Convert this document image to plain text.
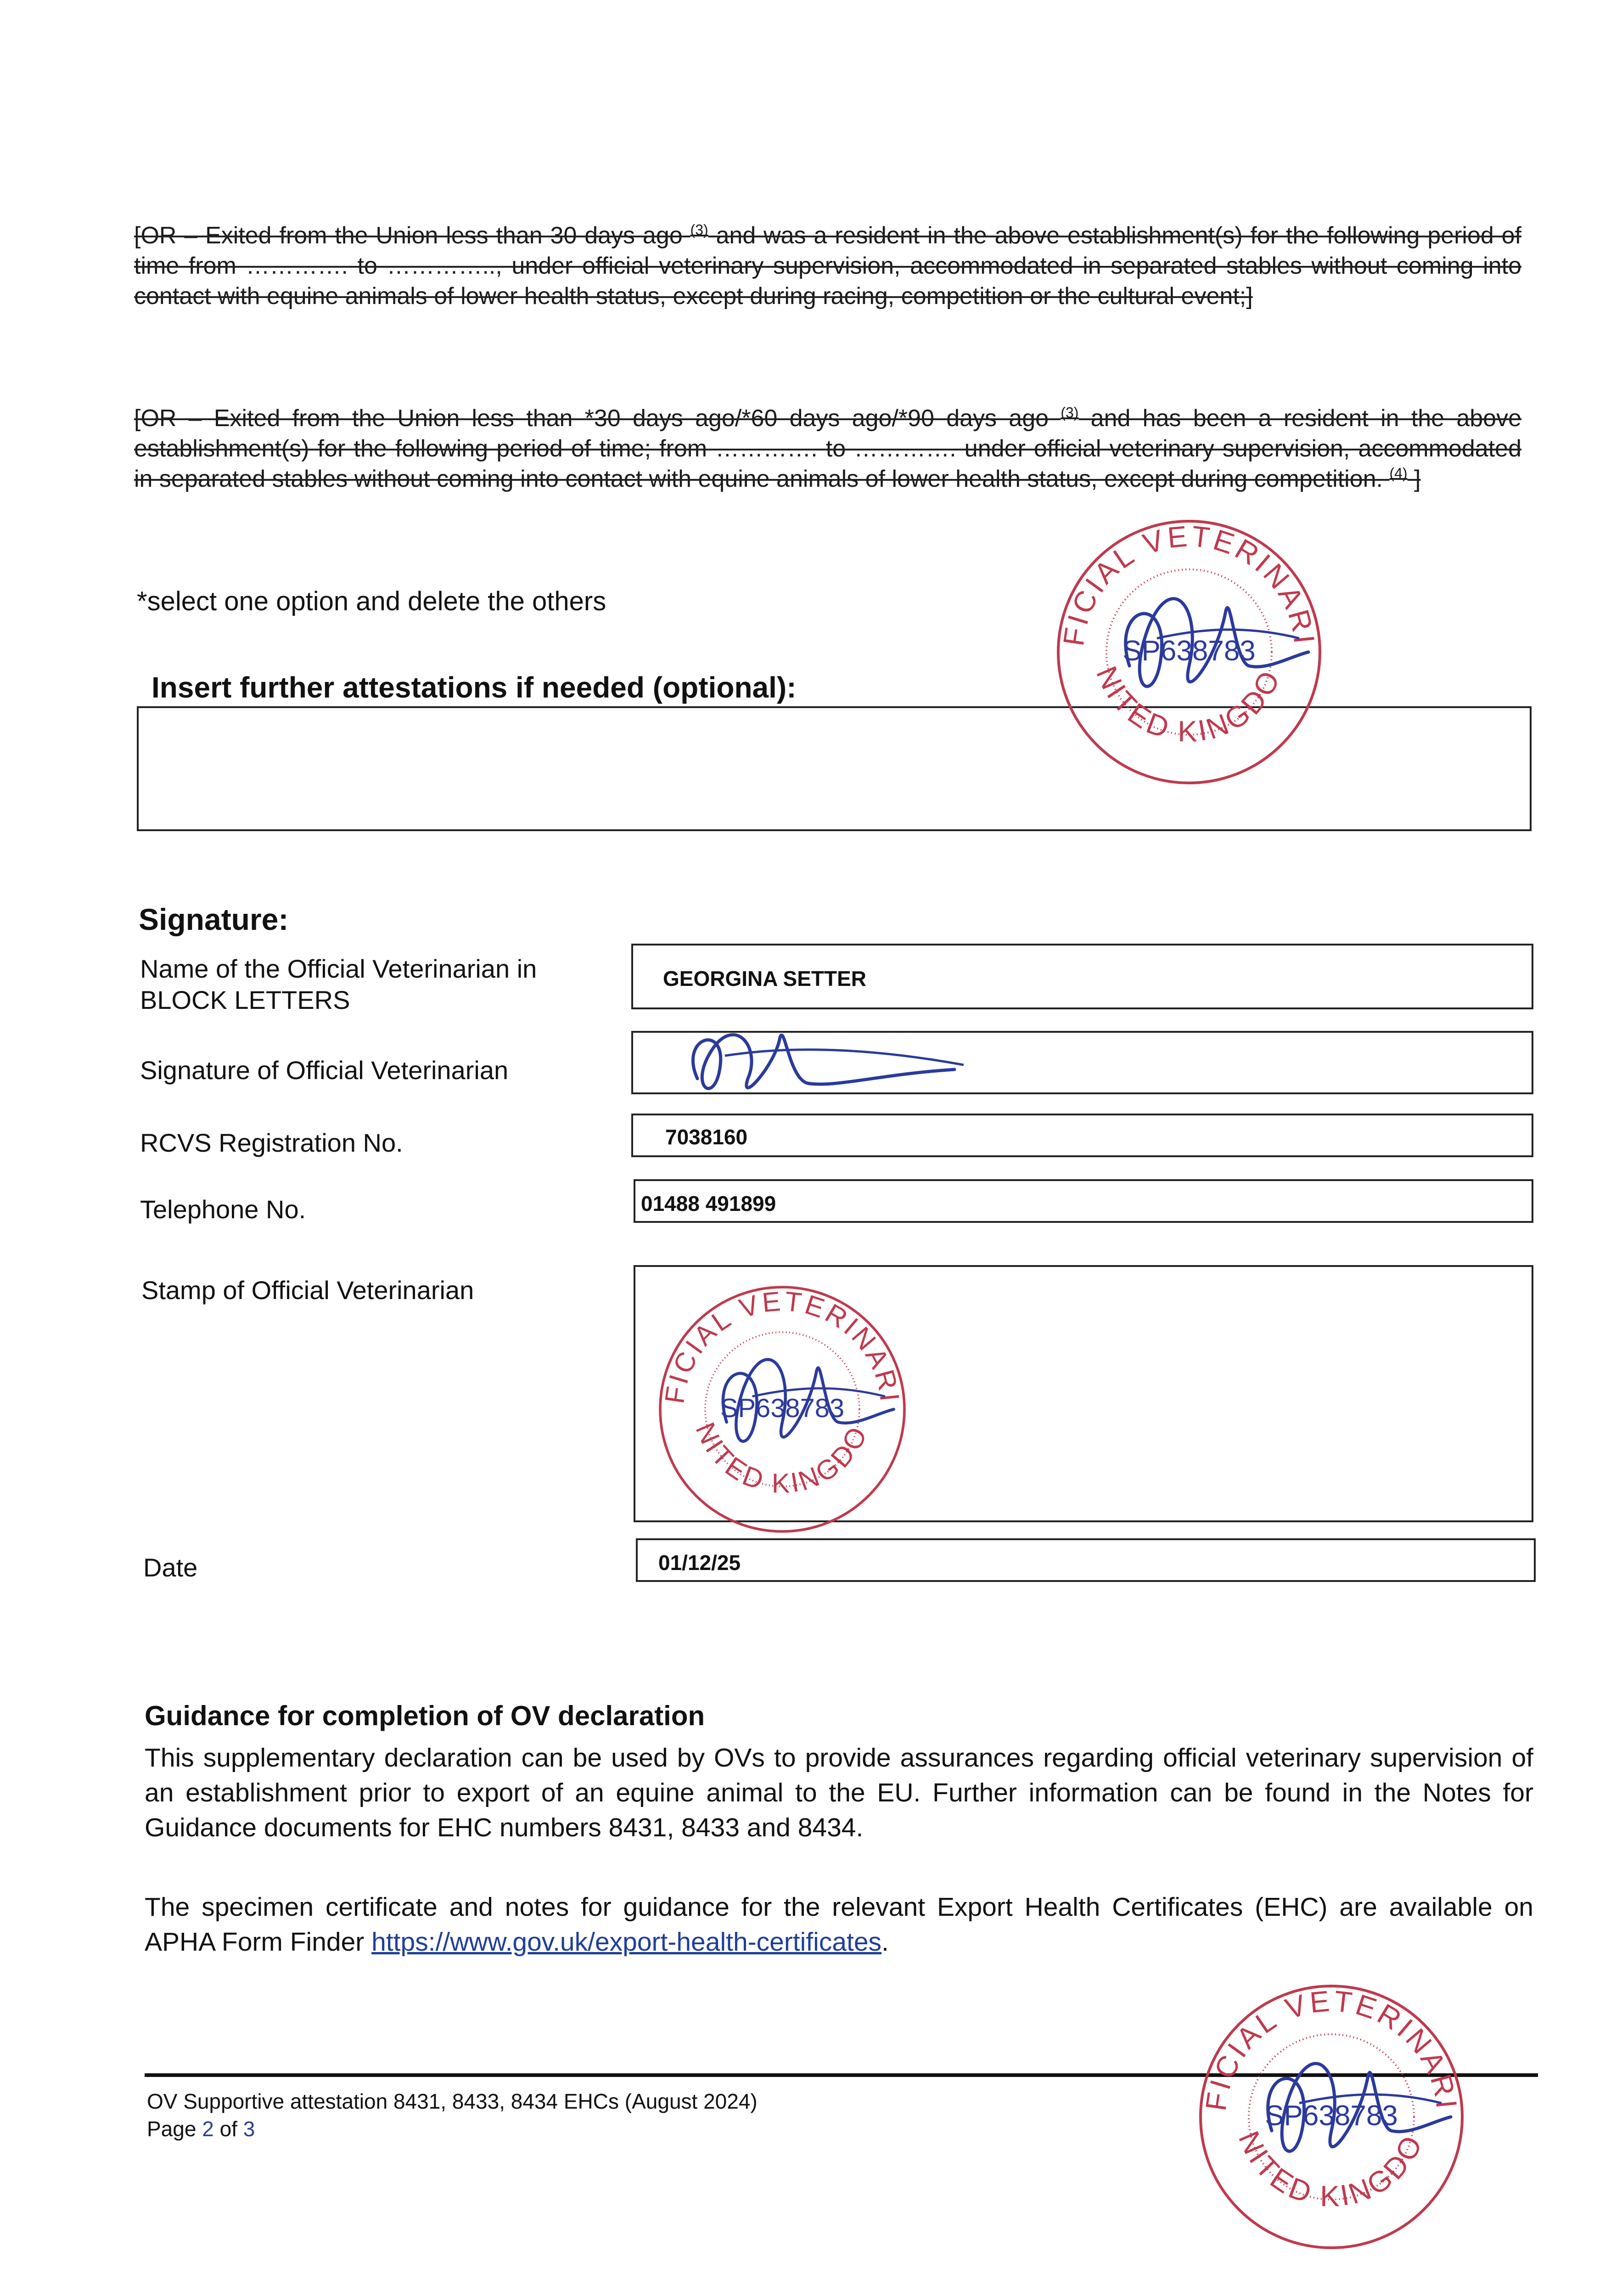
[OR – Exited from the Union less than 30 days ago $^{(3)}$ and was a resident in the above establishment(s) for the following period of time from …………. to ………….., under official veterinary supervision, accommodated in separated stables without coming into contact with equine animals of lower health status, except during racing, competition or the cultural event;]
[OR – Exited from the Union less than *30 days ago/*60 days ago/*90 days ago $^{(3)}$ and has been a resident in the above establishment(s) for the following period of time; from …………. to …………. under official veterinary supervision, accommodated in separated stables without coming into contact with equine animals of lower health status, except during competition. $^{(4)}$ ]
*select one option and delete the others
Insert further attestations if needed (optional):
Signature:
Name of the Official Veterinarian in BLOCK LETTERS
GEORGINA SETTER
Signature of Official Veterinarian
RCVS Registration No.	7038160
Telephone No.	01488 491899
Stamp of Official Veterinarian
Date	01/12/25
Guidance for completion of OV declaration
This supplementary declaration can be used by OVs to provide assurances regarding official veterinary supervision of an establishment prior to export of an equine animal to the EU. Further information can be found in the Notes for Guidance documents for EHC numbers 8431, 8433 and 8434.
The specimen certificate and notes for guidance for the relevant Export Health Certificates (EHC) are available on APHA Form Finder https://www.gov.uk/export-health-certificates.
OV Supportive attestation 8431, 8433, 8434 EHCs (August 2024)
Page 2 of 3
